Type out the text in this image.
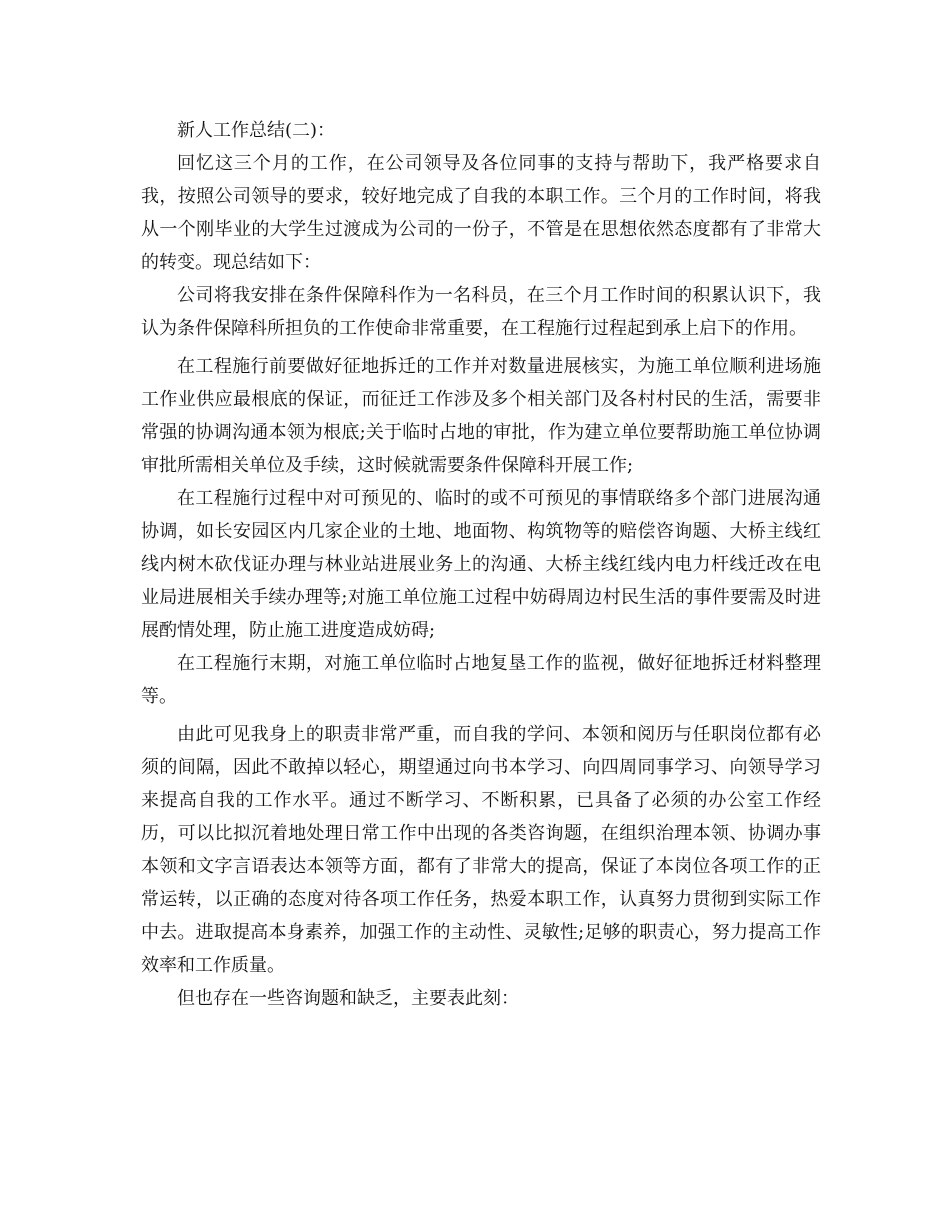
新人工作总结(二)：

回忆这三个月的工作，在公司领导及各位同事的支持与帮助下，我严格要求自我，按照公司领导的要求，较好地完成了自我的本职工作。三个月的工作时间，将我从一个刚毕业的大学生过渡成为公司的一份子，不管是在思想依然态度都有了非常大的转变。现总结如下：

公司将我安排在条件保障科作为一名科员，在三个月工作时间的积累认识下，我认为条件保障科所担负的工作使命非常重要，在工程施行过程起到承上启下的作用。

在工程施行前要做好征地拆迁的工作并对数量进展核实，为施工单位顺利进场施工作业供应最根底的保证，而征迁工作涉及多个相关部门及各村村民的生活，需要非常强的协调沟通本领为根底;关于临时占地的审批，作为建立单位要帮助施工单位协调审批所需相关单位及手续，这时候就需要条件保障科开展工作;

在工程施行过程中对可预见的、临时的或不可预见的事情联络多个部门进展沟通协调，如长安园区内几家企业的土地、地面物、构筑物等的赔偿咨询题、大桥主线红线内树木砍伐证办理与林业站进展业务上的沟通、大桥主线红线内电力杆线迁改在电业局进展相关手续办理等;对施工单位施工过程中妨碍周边村民生活的事件要需及时进展酌情处理，防止施工进度造成妨碍;

在工程施行末期，对施工单位临时占地复垦工作的监视，做好征地拆迁材料整理等。

由此可见我身上的职责非常严重，而自我的学问、本领和阅历与任职岗位都有必须的间隔，因此不敢掉以轻心，期望通过向书本学习、向四周同事学习、向领导学习来提高自我的工作水平。通过不断学习、不断积累，已具备了必须的办公室工作经历，可以比拟沉着地处理日常工作中出现的各类咨询题，在组织治理本领、协调办事本领和文字言语表达本领等方面，都有了非常大的提高，保证了本岗位各项工作的正常运转，以正确的态度对待各项工作任务，热爱本职工作，认真努力贯彻到实际工作中去。进取提高本身素养，加强工作的主动性、灵敏性;足够的职责心，努力提高工作效率和工作质量。

但也存在一些咨询题和缺乏，主要表此刻：
